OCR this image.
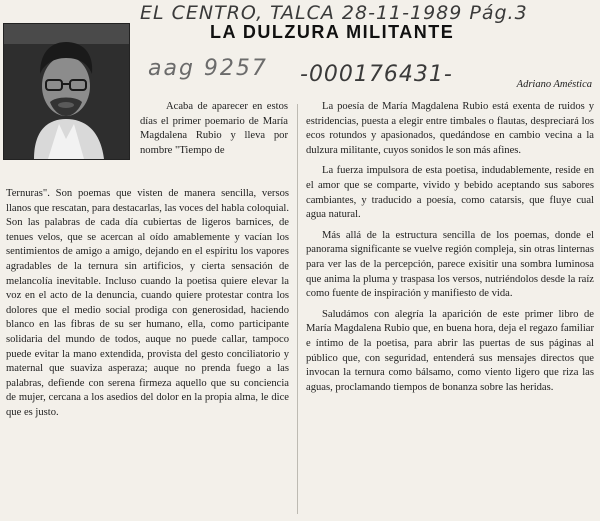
EL CENTRO, TALCA 28-11-1989 Pág.3
LA DULZURA MILITANTE
aag 9257 -000176431-	Adriano Améstica

Acaba de aparecer en estos días el primer poemario de María Magdalena Rubio y lleva por nombre "Tiempo de

Ternuras". Son poemas que visten de manera sencilla, versos llanos que rescatan, para destacarlas, las voces del habla coloquial. Son las palabras de cada día cubiertas de ligeros barnices, de tenues velos, que se acercan al oído amablemente y vacían los sentimientos de amigo a amigo, dejando en el espíritu los vapores agradables de la ternura sin artificios, y cierta sensación de melancolía inevitable. Incluso cuando la poetisa quiere elevar la voz en el acto de la denuncia, cuando quiere protestar contra los dolores que el medio social prodiga con generosidad, haciendo blanco en las fibras de su ser humano, ella, como participante solidaria del mundo de todos, auque no puede callar, tampoco puede evitar la mano extendida, provista del gesto conciliatorio y maternal que suaviza asperaza; auque no prenda fuego a las palabras, defiende con serena firmeza aquello que su conciencia de mujer, cercana a los asedios del dolor en la propia alma, le dice que es justo.

La poesía de María Magdalena Rubio está exenta de ruidos y estridencias, puesta a elegir entre timbales o flautas, despreciará los ecos rotundos y apasionados, quedándose en cambio vecina a la dulzura militante, cuyos sonidos le son más afines.

La fuerza impulsora de esta poetisa, indudablemente, reside en el amor que se comparte, vivido y bebido aceptando sus sabores cambiantes, y traducido a poesía, como catarsis, que fluye cual agua natural.

Más allá de la estructura sencilla de los poemas, donde el panorama significante se vuelve región compleja, sin otras linternas para ver las de la percepción, parece exisitir una sombra luminosa que anima la pluma y traspasa los versos, nutriéndolos desde la raíz como fuente de inspiración y manifiesto de vida.

Saludámos con alegría la aparición de este primer libro de María Magdalena Rubio que, en buena hora, deja el regazo familiar e íntimo de la poetisa, para abrir las puertas de sus páginas al público que, con seguridad, entenderá sus mensajes directos que invocan la ternura como bálsamo, como viento ligero que riza las aguas, proclamando tiempos de bonanza sobre las heridas.
